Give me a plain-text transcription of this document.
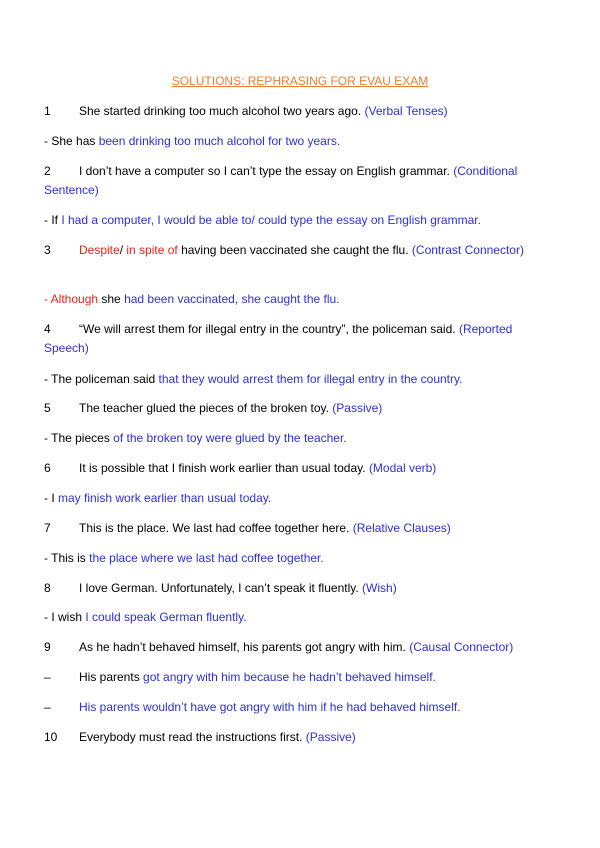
SOLUTIONS: REPHRASING FOR EVAU EXAM
1 She started drinking too much alcohol two years ago. (Verbal Tenses)
- She has been drinking too much alcohol for two years.
2 I don’t have a computer so I can’t type the essay on English grammar. (Conditional Sentence)
- If I had a computer, I would be able to/ could type the essay on English grammar.
3 Despite/ in spite of having been vaccinated she caught the flu. (Contrast Connector)
- Although she had been vaccinated, she caught the flu.
4 “We will arrest them for illegal entry in the country”, the policeman said. (Reported Speech)
- The policeman said that they would arrest them for illegal entry in the country.
5 The teacher glued the pieces of the broken toy. (Passive)
- The pieces of the broken toy were glued by the teacher.
6 It is possible that I finish work earlier than usual today. (Modal verb)
- I may finish work earlier than usual today.
7 This is the place. We last had coffee together here. (Relative Clauses)
- This is the place where we last had coffee together.
8 I love German. Unfortunately, I can’t speak it fluently. (Wish)
- I wish I could speak German fluently.
9 As he hadn’t behaved himself, his parents got angry with him. (Causal Connector)
– His parents got angry with him because he hadn’t behaved himself.
– His parents wouldn’t have got angry with him if he had behaved himself.
10 Everybody must read the instructions first. (Passive)
